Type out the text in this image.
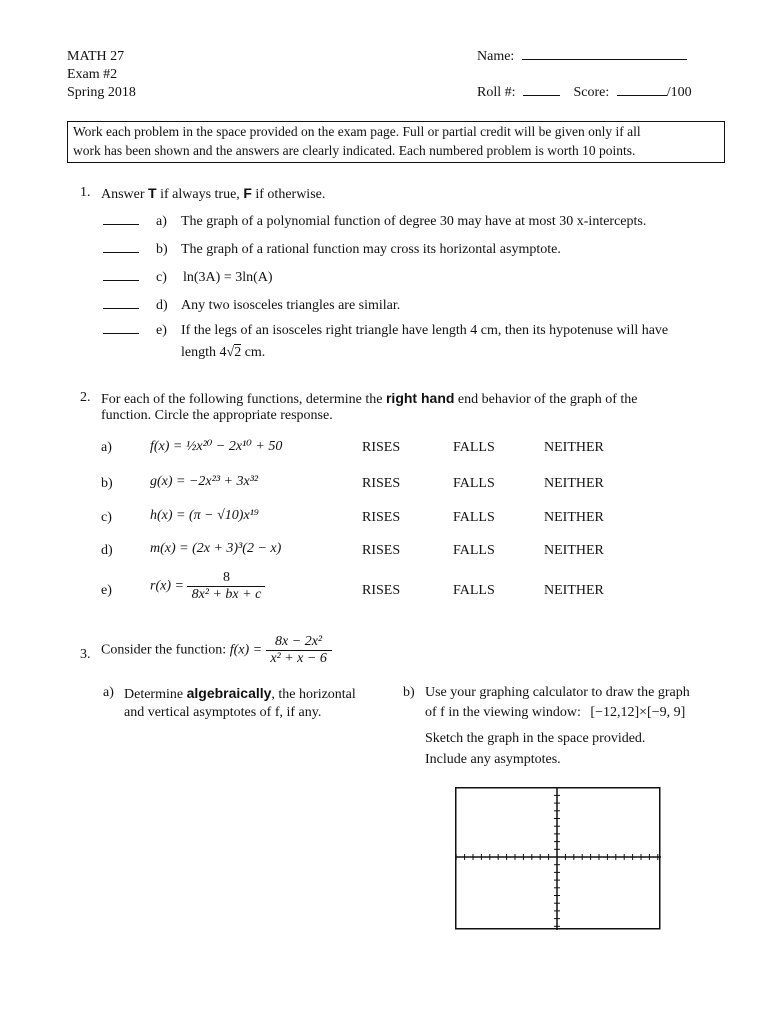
MATH 27
Exam #2
Spring 2018
Name:
Roll #:	Score:	/100
Work each problem in the space provided on the exam page. Full or partial credit will be given only if all
work has been shown and the answers are clearly indicated. Each numbered problem is worth 10 points.
1. Answer T if always true, F if otherwise.
a) The graph of a polynomial function of degree 30 may have at most 30 x-intercepts.
b) The graph of a rational function may cross its horizontal asymptote.
c) ln(3A) = 3ln(A)
d) Any two isosceles triangles are similar.
e) If the legs of an isosceles right triangle have length 4 cm, then its hypotenuse will have
length 4√2 cm.
2. For each of the following functions, determine the right hand end behavior of the graph of the
function. Circle the appropriate response.
a)	f(x) = ½x²⁰ − 2x¹⁰ + 50	RISES	FALLS	NEITHER
b)	g(x) = −2x²³ + 3x³²	RISES	FALLS	NEITHER
c)	h(x) = (π − √10)x¹⁹	RISES	FALLS	NEITHER
d)	m(x) = (2x + 3)³(2 − x)	RISES	FALLS	NEITHER
e)	$r(x) = \frac{8}{\text{8x² + bx + c}}$	RISES	FALLS	NEITHER
3. Consider the function: $f(x) = \frac{\text{8x − 2x²}}{\text{x² + x − 6}}$
a) Determine algebraically, the horizontal
and vertical asymptotes of f, if any.
b) Use your graphing calculator to draw the graph
of f in the viewing window: [−12,12]×[−9, 9]
Sketch the graph in the space provided.
Include any asymptotes.
